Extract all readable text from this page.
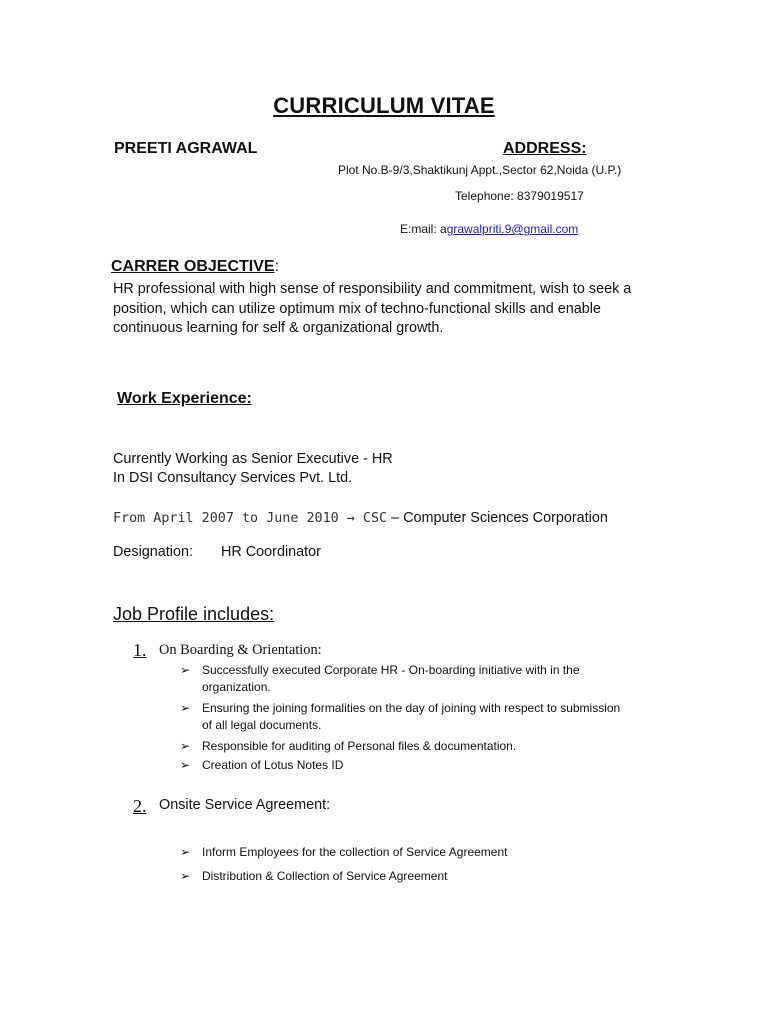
CURRICULUM VITAE
PREETI AGRAWAL	ADDRESS:
Plot No.B-9/3,Shaktikunj Appt.,Sector 62,Noida (U.P.)
Telephone: 8379019517
E:mail: agrawalpriti.9@gmail.com
CARRER OBJECTIVE:
HR professional with high sense of responsibility and commitment, wish to seek a position, which can utilize optimum mix of techno-functional skills and enable continuous learning for self & organizational growth.
Work Experience:
Currently Working as Senior Executive - HR
In DSI Consultancy Services Pvt. Ltd.
From April 2007 to June 2010 → CSC – Computer Sciences Corporation
Designation: HR Coordinator
Job Profile includes:
1. On Boarding & Orientation:
➢ Successfully executed Corporate HR - On-boarding initiative with in the organization.
➢ Ensuring the joining formalities on the day of joining with respect to submission of all legal documents.
➢ Responsible for auditing of Personal files & documentation.
➢ Creation of Lotus Notes ID
2. Onsite Service Agreement:
➢ Inform Employees for the collection of Service Agreement
➢ Distribution & Collection of Service Agreement
